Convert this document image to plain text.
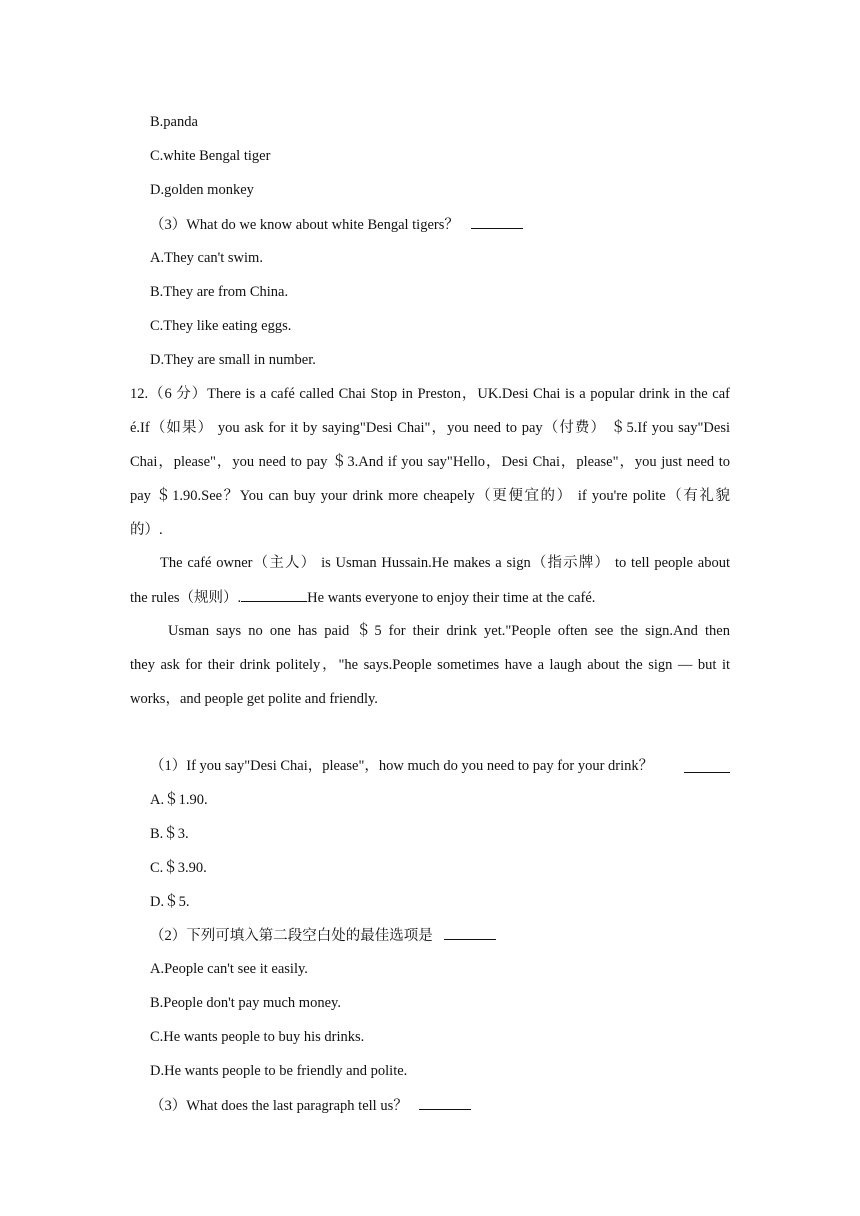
B.panda
C.white Bengal tiger
D.golden monkey
（3）What do we know about white Bengal tigers？
A.They can't swim.
B.They are from China.
C.They like eating eggs.
D.They are small in number.
12.（6 分）There is a café called Chai Stop in Preston，UK.Desi Chai is a popular drink in the caf
é.If（如果） you ask for it by saying"Desi Chai"，you need to pay（付费） ＄5.If you say"Desi
Chai，please"，you need to pay ＄3.And if you say"Hello，Desi Chai，please"，you just need to
pay ＄1.90.See？You can buy your drink more cheapely（更便宜的） if you're polite（有礼貌
的）.
The café owner（主人） is Usman Hussain.He makes a sign（指示牌） to tell people about
the rules（规则）.	He wants everyone to enjoy their time at the café.
Usman says no one has paid ＄5 for their drink yet."People often see the sign.And then
they ask for their drink politely，"he says.People sometimes have a laugh about the sign — but it
works，and people get polite and friendly.
（1）If you say"Desi Chai，please"，how much do you need to pay for your drink？
A.＄1.90.
B.＄3.
C.＄3.90.
D.＄5.
（2）下列可填入第二段空白处的最佳选项是
A.People can't see it easily.
B.People don't pay much money.
C.He wants people to buy his drinks.
D.He wants people to be friendly and polite.
（3）What does the last paragraph tell us？
